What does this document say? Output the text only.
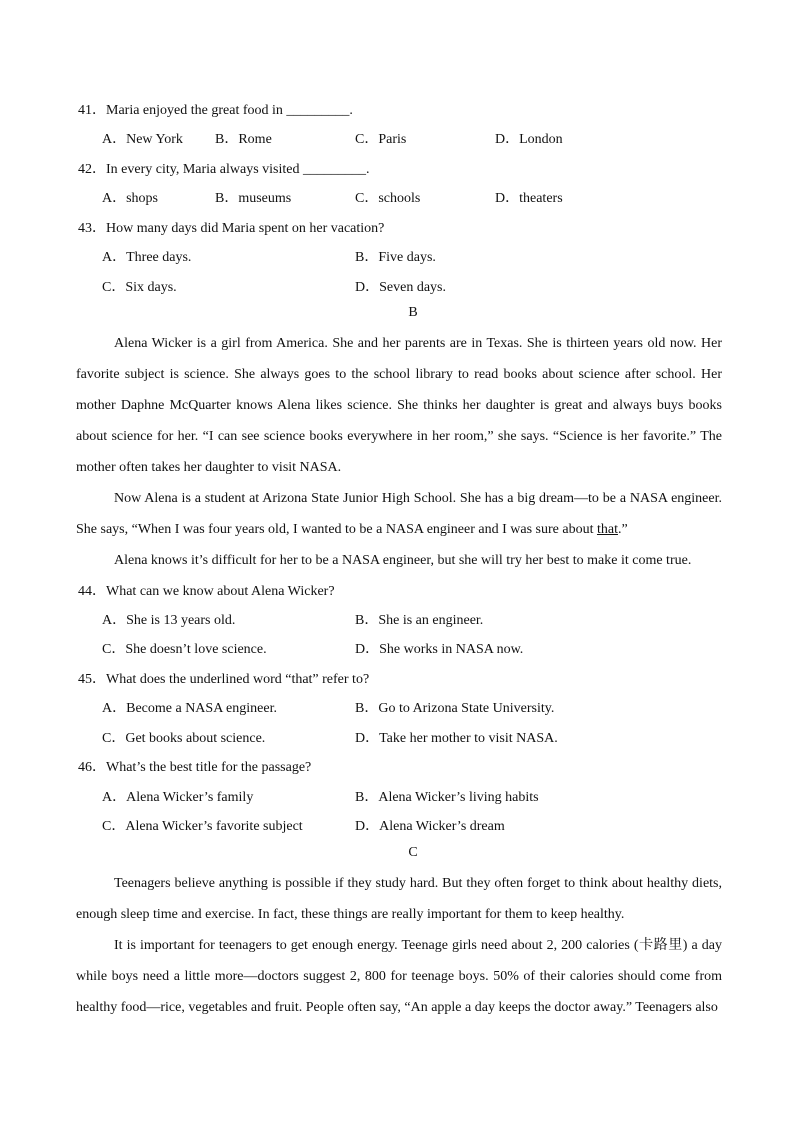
41．Maria enjoyed the great food in _________.
A．New York B．Rome	C．Paris	D．London
42．In every city, Maria always visited _________.
A．shops	B．museums	C．schools	D．theaters
43．How many days did Maria spent on her vacation?
A．Three days.	B．Five days.
C．Six days.	D．Seven days.
B
Alena Wicker is a girl from America. She and her parents are in Texas. She is thirteen years old now. Her favorite subject is science. She always goes to the school library to read books about science after school. Her mother Daphne McQuarter knows Alena likes science. She thinks her daughter is great and always buys books about science for her. “I can see science books everywhere in her room,” she says. “Science is her favorite.” The mother often takes her daughter to visit NASA.
Now Alena is a student at Arizona State Junior High School. She has a big dream—to be a NASA engineer. She says, “When I was four years old, I wanted to be a NASA engineer and I was sure about that.”
Alena knows it’s difficult for her to be a NASA engineer, but she will try her best to make it come true.
44．What can we know about Alena Wicker?
A．She is 13 years old.	B．She is an engineer.
C．She doesn’t love science.	D．She works in NASA now.
45．What does the underlined word “that” refer to?
A．Become a NASA engineer.	B．Go to Arizona State University.
C．Get books about science.	D．Take her mother to visit NASA.
46．What’s the best title for the passage?
A．Alena Wicker’s family	B．Alena Wicker’s living habits
C．Alena Wicker’s favorite subject	D．Alena Wicker’s dream
C
Teenagers believe anything is possible if they study hard. But they often forget to think about healthy diets, enough sleep time and exercise. In fact, these things are really important for them to keep healthy.
It is important for teenagers to get enough energy. Teenage girls need about 2, 200 calories (卡路里) a day while boys need a little more—doctors suggest 2, 800 for teenage boys. 50% of their calories should come from healthy food—rice, vegetables and fruit. People often say, “An apple a day keeps the doctor away.” Teenagers also
